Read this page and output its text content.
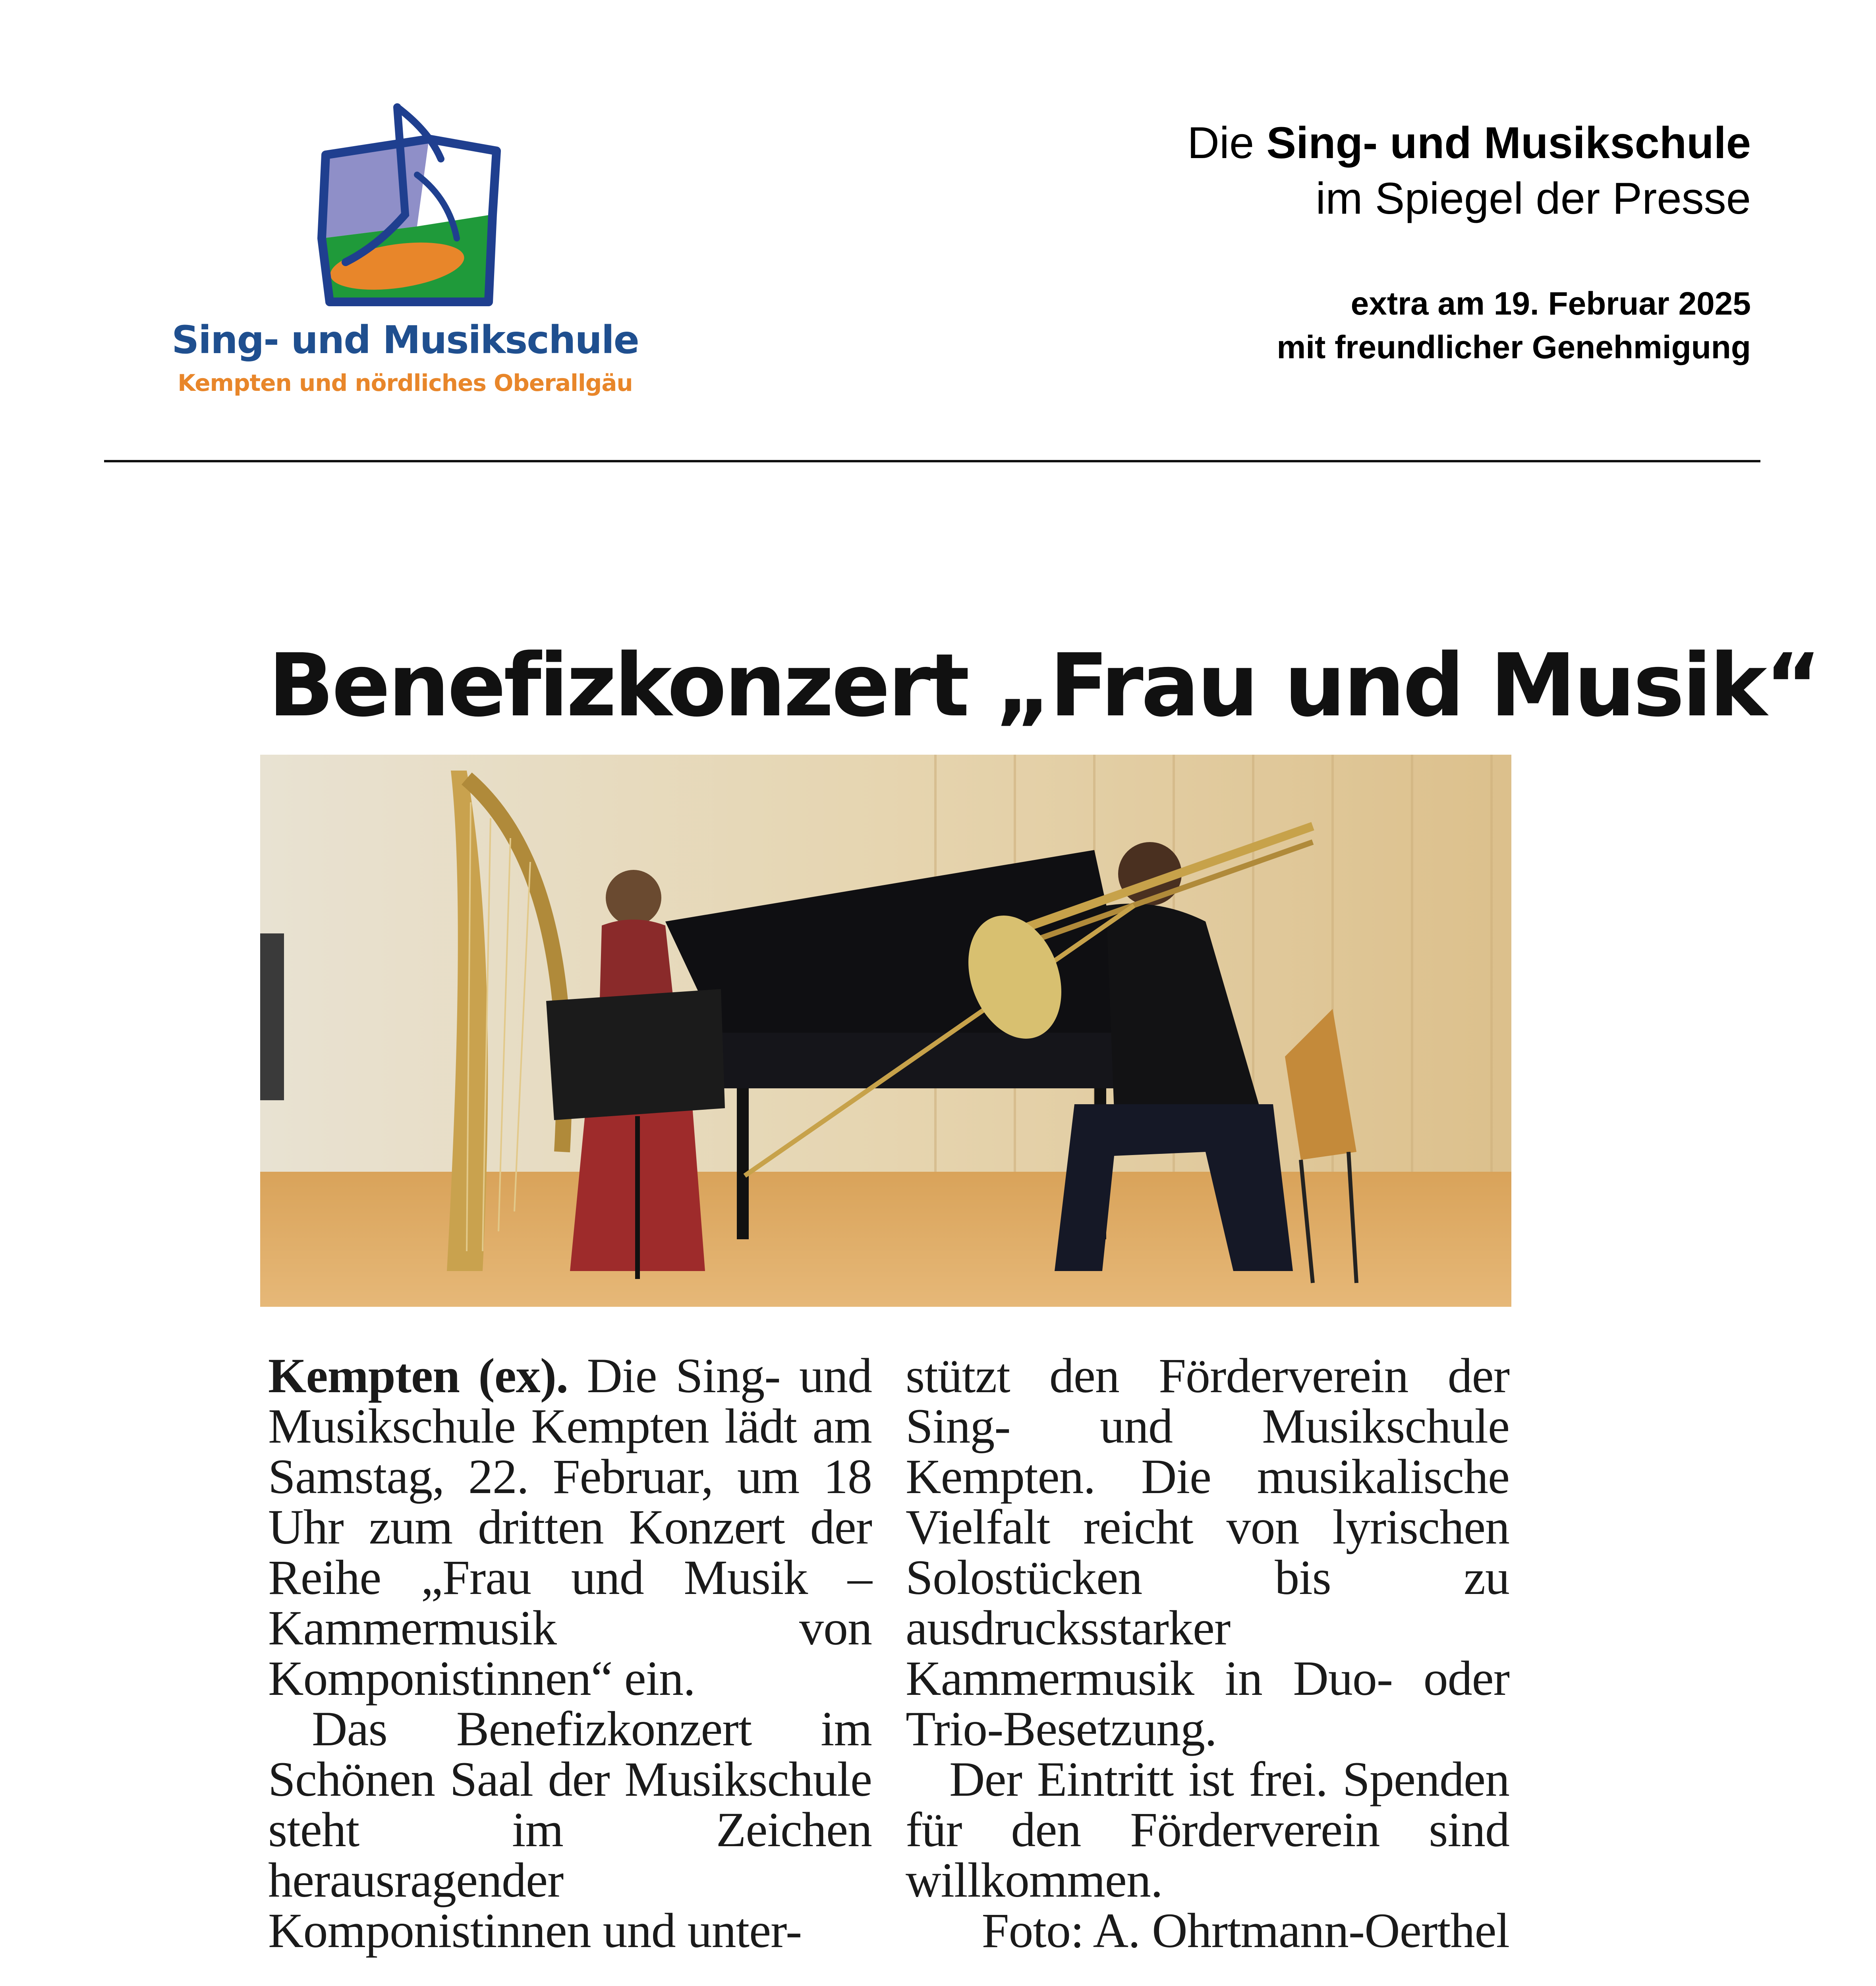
Sing- und Musikschule
Kempten und nördliches Oberallgäu
Die Sing- und Musikschule
im Spiegel der Presse
extra am 19. Februar 2025
mit freundlicher Genehmigung
Benefizkonzert „Frau und Musik“

Kempten (ex). Die Sing- und Musikschule Kempten lädt am Samstag, 22. Februar, um 18 Uhr zum dritten Konzert der Reihe „Frau und Musik – Kammermusik von Komponistinnen“ ein.

Das Benefizkonzert im Schönen Saal der Musikschule steht im Zeichen herausragender Komponistinnen und unter-

stützt den Förderverein der Sing- und Musikschule Kempten. Die musikalische Vielfalt reicht von lyrischen Solostücken bis zu ausdrucksstarker Kammermusik in Duo- oder Trio-Besetzung.

Der Eintritt ist frei. Spenden für den Förderverein sind willkommen.

Foto: A. Ohrtmann-Oerthel
